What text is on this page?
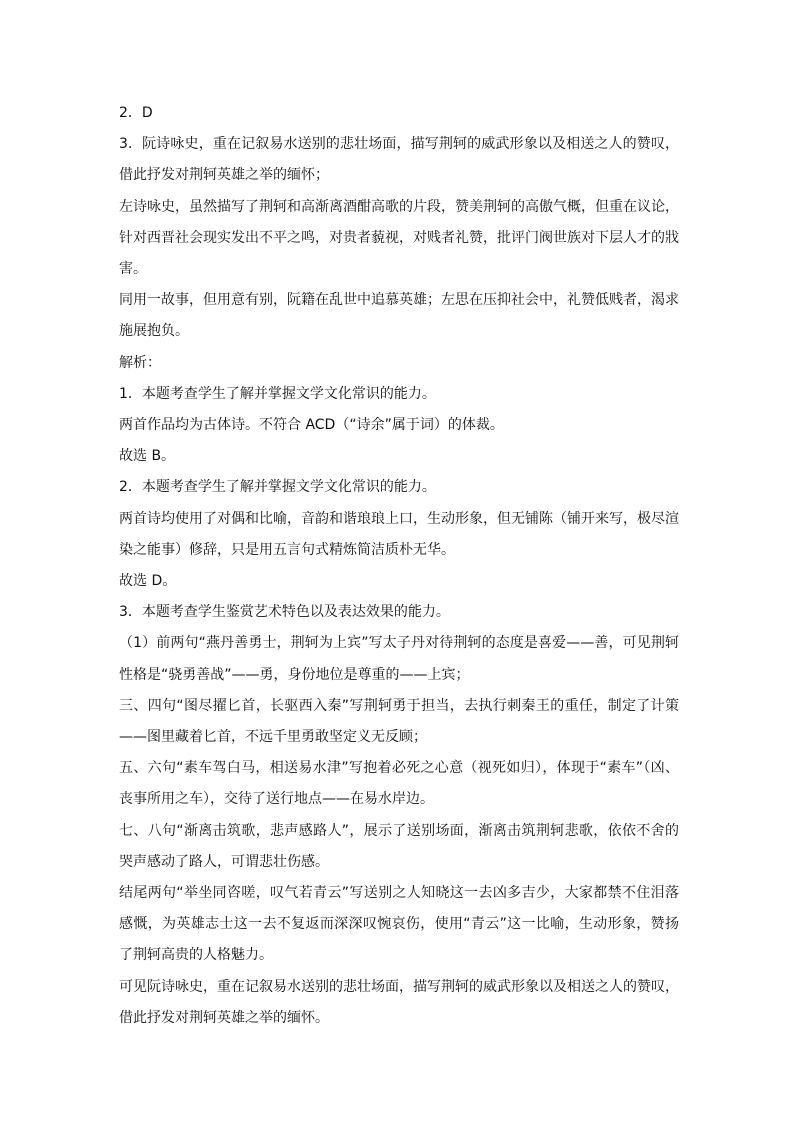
2．D

3．阮诗咏史，重在记叙易水送别的悲壮场面，描写荆轲的威武形象以及相送之人的赞叹，借此抒发对荆轲英雄之举的缅怀；

左诗咏史，虽然描写了荆轲和高渐离酒酣高歌的片段，赞美荆轲的高傲气概，但重在议论，针对西晋社会现实发出不平之鸣，对贵者藐视，对贱者礼赞，批评门阀世族对下层人才的戕害。

同用一故事，但用意有别，阮籍在乱世中追慕英雄；左思在压抑社会中，礼赞低贱者，渴求施展抱负。

解析：

1．本题考查学生了解并掌握文学文化常识的能力。

两首作品均为古体诗。不符合 ACD（“诗余”属于词）的体裁。

故选 B。

2．本题考查学生了解并掌握文学文化常识的能力。

两首诗均使用了对偶和比喻，音韵和谐琅琅上口，生动形象，但无铺陈（铺开来写，极尽渲染之能事）修辞，只是用五言句式精炼简洁质朴无华。

故选 D。

3．本题考查学生鉴赏艺术特色以及表达效果的能力。

（1）前两句“燕丹善勇士，荆轲为上宾”写太子丹对待荆轲的态度是喜爱——善，可见荆轲性格是“骁勇善战”——勇，身份地位是尊重的——上宾；

三、四句“图尽擢匕首，长驱西入秦”写荆轲勇于担当，去执行刺秦王的重任，制定了计策——图里藏着匕首，不远千里勇敢坚定义无反顾；

五、六句“素车驾白马，相送易水津”写抱着必死之心意（视死如归），体现于“素车”（凶、丧事所用之车），交待了送行地点——在易水岸边。

七、八句“渐离击筑歌，悲声感路人”，展示了送别场面，渐离击筑荆轲悲歌，依依不舍的哭声感动了路人，可谓悲壮伤感。

结尾两句“举坐同咨嗟，叹气若青云”写送别之人知晓这一去凶多吉少，大家都禁不住泪落感慨，为英雄志士这一去不复返而深深叹惋哀伤，使用“青云”这一比喻，生动形象，赞扬了荆轲高贵的人格魅力。

可见阮诗咏史，重在记叙易水送别的悲壮场面，描写荆轲的威武形象以及相送之人的赞叹，借此抒发对荆轲英雄之举的缅怀。
